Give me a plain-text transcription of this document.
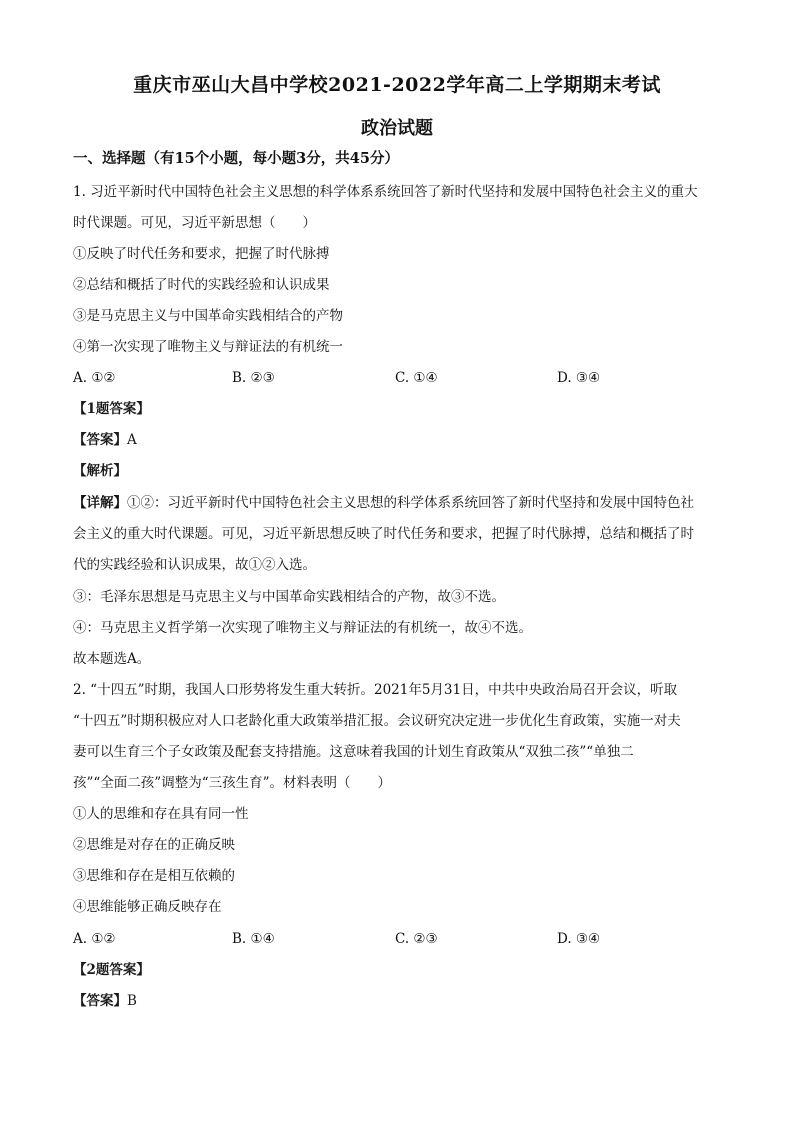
重庆市巫山大昌中学校2021-2022学年高二上学期期末考试
政治试题
一、选择题（有15个小题，每小题3分，共45分）
1. 习近平新时代中国特色社会主义思想的科学体系系统回答了新时代坚持和发展中国特色社会主义的重大
时代课题。可见，习近平新思想（　　）
①反映了时代任务和要求，把握了时代脉搏
②总结和概括了时代的实践经验和认识成果
③是马克思主义与中国革命实践相结合的产物
④第一次实现了唯物主义与辩证法的有机统一
A. ①②	B. ②③	C. ①④	D. ③④
【1题答案】
【答案】A
【解析】
【详解】①②：习近平新时代中国特色社会主义思想的科学体系系统回答了新时代坚持和发展中国特色社
会主义的重大时代课题。可见，习近平新思想反映了时代任务和要求，把握了时代脉搏，总结和概括了时
代的实践经验和认识成果，故①②入选。
③：毛泽东思想是马克思主义与中国革命实践相结合的产物，故③不选。
④：马克思主义哲学第一次实现了唯物主义与辩证法的有机统一，故④不选。
故本题选A。
2. “十四五”时期，我国人口形势将发生重大转折。2021年5月31日，中共中央政治局召开会议，听取
“十四五”时期积极应对人口老龄化重大政策举措汇报。会议研究决定进一步优化生育政策，实施一对夫
妻可以生育三个子女政策及配套支持措施。这意味着我国的计划生育政策从“双独二孩”“单独二
孩”“全面二孩”调整为“三孩生育”。材料表明（　　）
①人的思维和存在具有同一性
②思维是对存在的正确反映
③思维和存在是相互依赖的
④思维能够正确反映存在
A. ①②	B. ①④	C. ②③	D. ③④
【2题答案】
【答案】B
